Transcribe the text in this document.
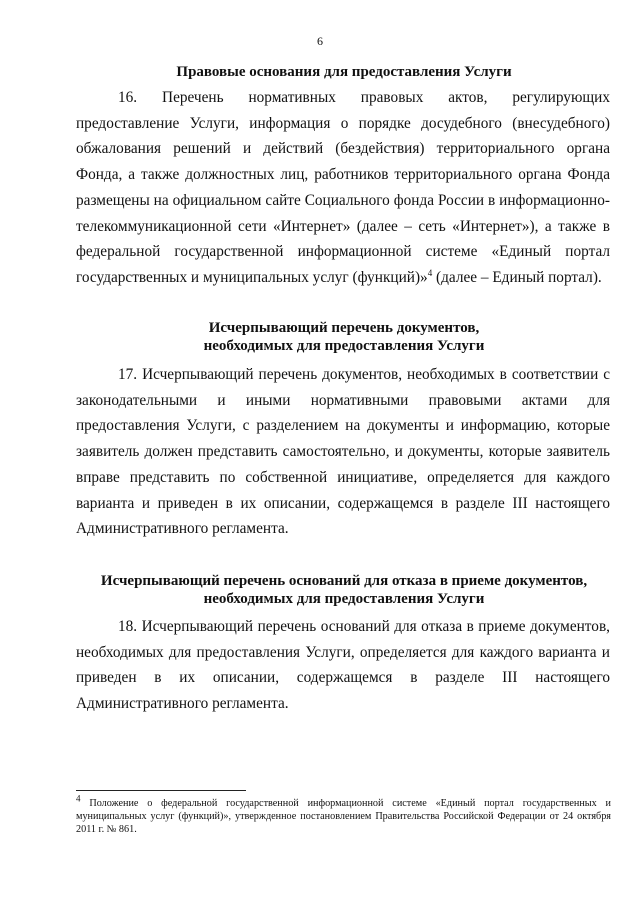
6
Правовые основания для предоставления Услуги

16. Перечень нормативных правовых актов, регулирующих предоставление Услуги, информация о порядке досудебного (внесудебного) обжалования решений и действий (бездействия) территориального органа Фонда, а также должностных лиц, работников территориального органа Фонда размещены на официальном сайте Социального фонда России в информационно-телекоммуникационной сети «Интернет» (далее – сеть «Интернет»), а также в федеральной государственной информационной системе «Единый портал государственных и муниципальных услуг (функций)»$^4$ (далее – Единый портал).

Исчерпывающий перечень документов,
необходимых для предоставления Услуги

17. Исчерпывающий перечень документов, необходимых в соответствии с законодательными и иными нормативными правовыми актами для предоставления Услуги, с разделением на документы и информацию, которые заявитель должен представить самостоятельно, и документы, которые заявитель вправе представить по собственной инициативе, определяется для каждого варианта и приведен в их описании, содержащемся в разделе III настоящего Административного регламента.

Исчерпывающий перечень оснований для отказа в приеме документов,
необходимых для предоставления Услуги

18. Исчерпывающий перечень оснований для отказа в приеме документов, необходимых для предоставления Услуги, определяется для каждого варианта и приведен в их описании, содержащемся в разделе III настоящего Административного регламента.

$^4$ Положение о федеральной государственной информационной системе «Единый портал государственных и муниципальных услуг (функций)», утвержденное постановлением Правительства Российской Федерации от 24 октября 2011 г. № 861.
